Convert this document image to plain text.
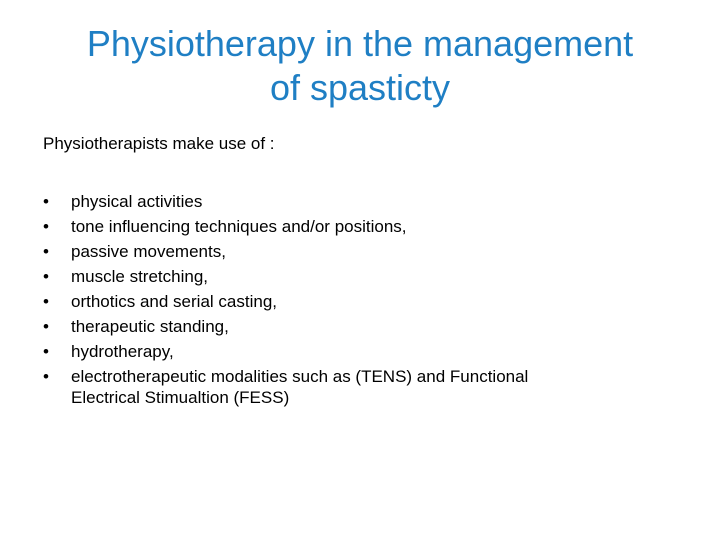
Physiotherapy in the management
of spasticty

Physiotherapists make use of :

•	physical activities
•	tone influencing techniques and/or positions,
•	passive movements,
•	muscle stretching,
•	orthotics and serial casting,
•	therapeutic standing,
•	hydrotherapy,
•	electrotherapeutic modalities such as (TENS) and Functional
Electrical Stimualtion (FESS)
